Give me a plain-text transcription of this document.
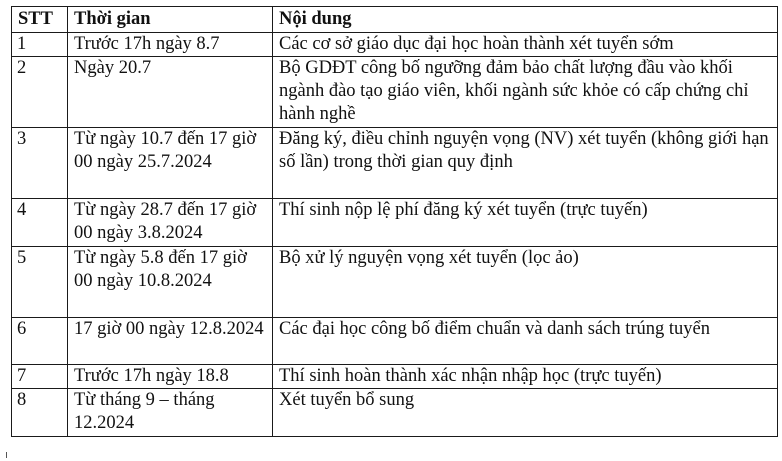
STT	Thời gian	Nội dung
1	Trước 17h ngày 8.7	Các cơ sở giáo dục đại học hoàn thành xét tuyển sớm
2	Ngày 20.7	Bộ GDĐT công bố ngưỡng đảm bảo chất lượng đầu vào khối ngành đào tạo giáo viên, khối ngành sức khỏe có cấp chứng chỉ hành nghề
3	Từ ngày 10.7 đến 17 giờ 00 ngày 25.7.2024	Đăng ký, điều chỉnh nguyện vọng (NV) xét tuyển (không giới hạn số lần) trong thời gian quy định
4	Từ ngày 28.7 đến 17 giờ 00 ngày 3.8.2024	Thí sinh nộp lệ phí đăng ký xét tuyển (trực tuyến)
5	Từ ngày 5.8 đến 17 giờ 00 ngày 10.8.2024	Bộ xử lý nguyện vọng xét tuyển (lọc ảo)
6	17 giờ 00 ngày 12.8.2024	Các đại học công bố điểm chuẩn và danh sách trúng tuyển
7	Trước 17h ngày 18.8	Thí sinh hoàn thành xác nhận nhập học (trực tuyến)
8	Từ tháng 9 – tháng 12.2024	Xét tuyển bổ sung
